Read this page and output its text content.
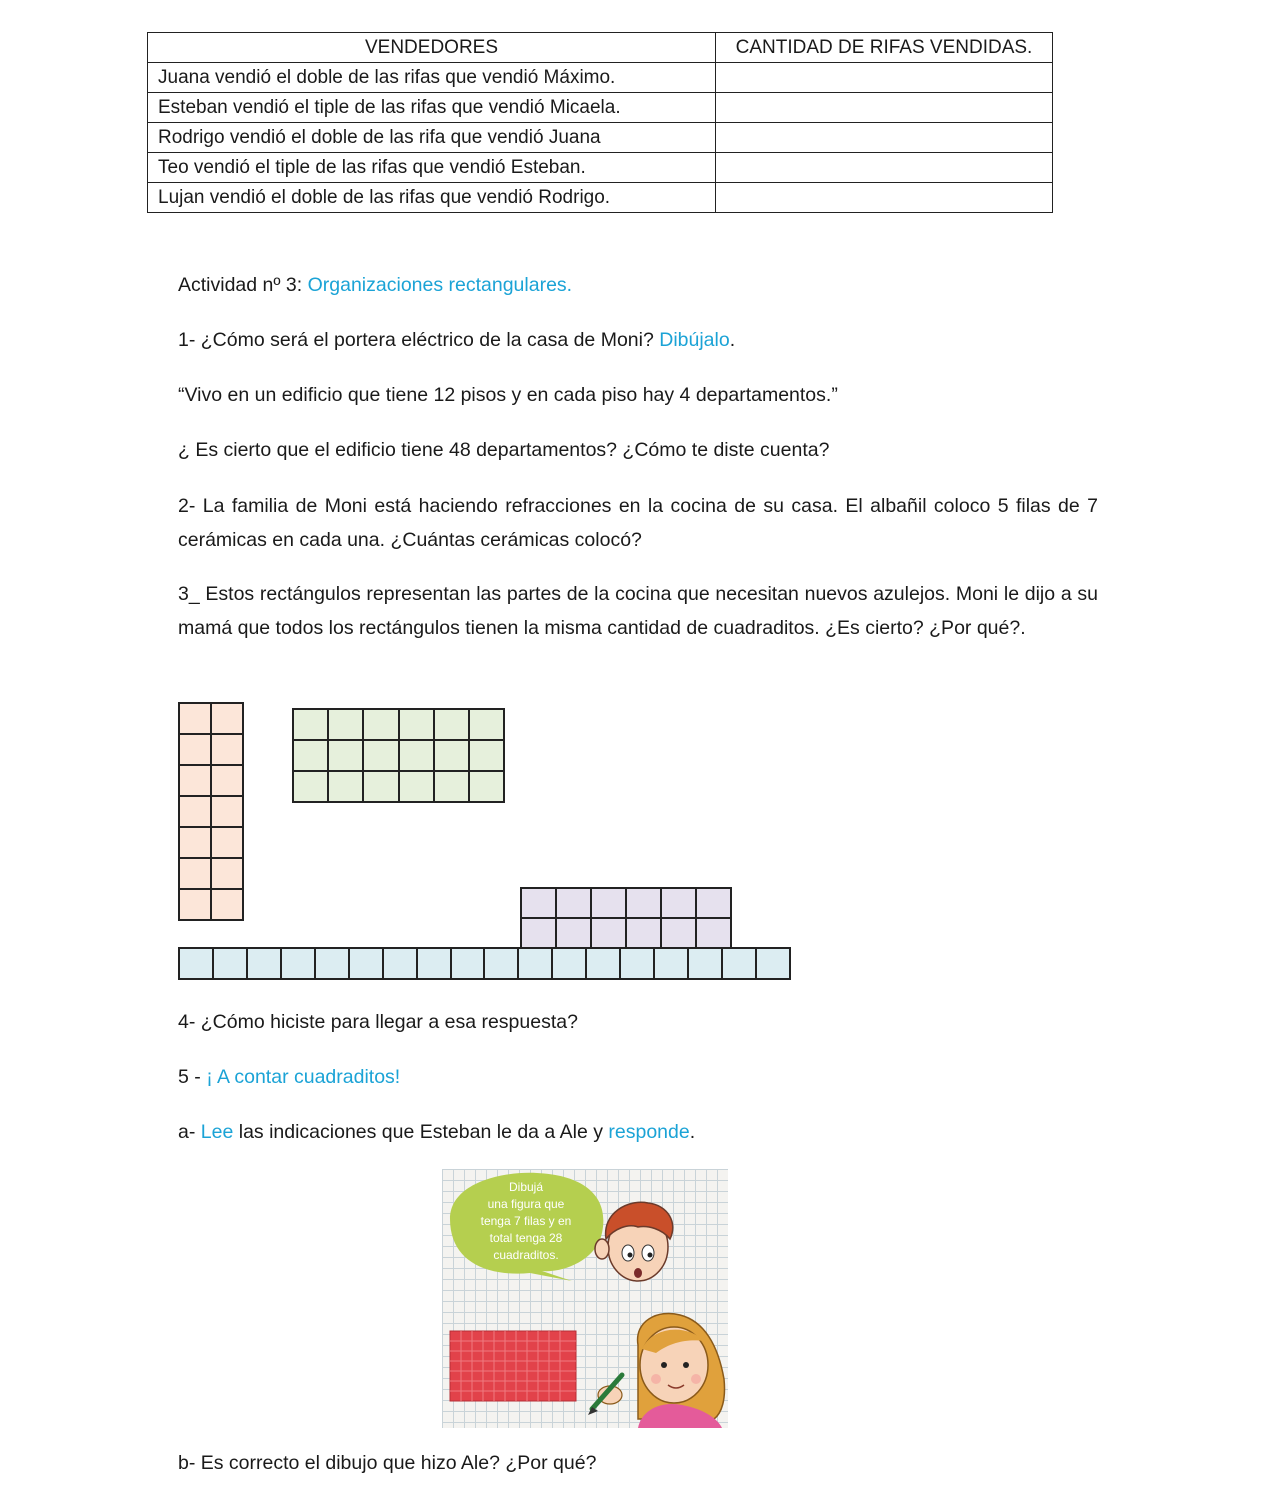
VENDEDORES	CANTIDAD DE RIFAS VENDIDAS.
Juana vendió el doble de las rifas que vendió Máximo.	
Esteban vendió el tiple de las rifas que vendió Micaela.	
Rodrigo vendió el doble de las rifa que vendió Juana	
Teo vendió el tiple de las rifas que vendió Esteban.	
Lujan vendió el doble de las rifas que vendió Rodrigo.	
Actividad nº 3: Organizaciones rectangulares.
1- ¿Cómo será el portera eléctrico de la casa de Moni? Dibújalo.
“Vivo en un edificio que tiene 12 pisos y en cada piso hay 4 departamentos.”
¿ Es cierto que el edificio tiene 48 departamentos? ¿Cómo te diste cuenta?
2- La familia de Moni está haciendo refracciones en la cocina de su casa. El albañil coloco 5 filas de 7 cerámicas en cada una. ¿Cuántas cerámicas colocó?
3_ Estos rectángulos representan las partes de la cocina que necesitan nuevos azulejos. Moni le dijo a su mamá que todos los rectángulos tienen la misma cantidad de cuadraditos. ¿Es cierto? ¿Por qué?.
4- ¿Cómo hiciste para llegar a esa respuesta?
5 - ¡ A contar cuadraditos!
a- Lee las indicaciones que Esteban le da a Ale y responde.
Dibujá
una figura que
tenga 7 filas y en
total tenga 28
cuadraditos.
b- Es correcto el dibujo que hizo Ale? ¿Por qué?
